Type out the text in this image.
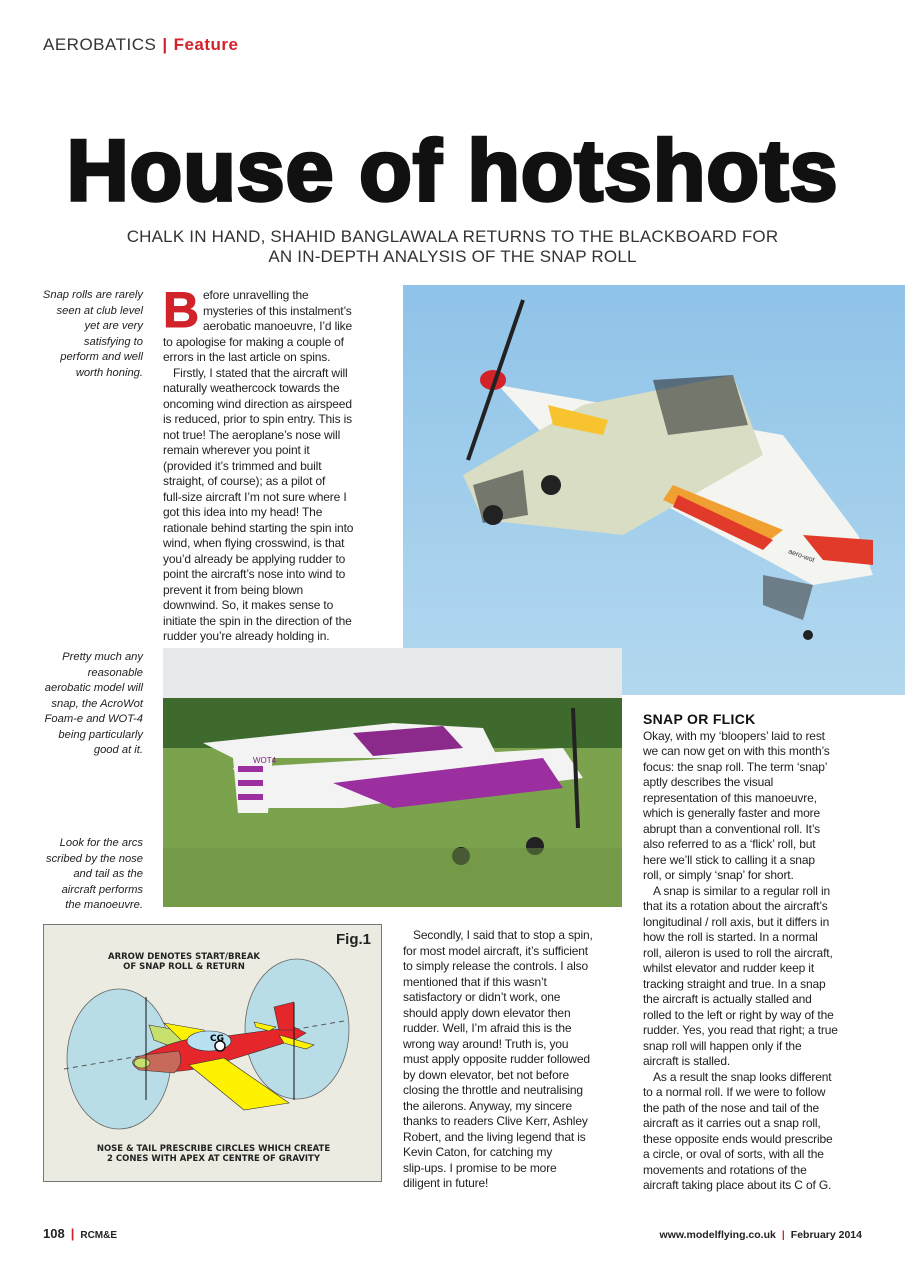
AEROBATICS | Feature
House of hotshots
CHALK IN HAND, SHAHID BANGLAWALA RETURNS TO THE BLACKBOARD FOR
AN IN-DEPTH ANALYSIS OF THE SNAP ROLL
Snap rolls are rarely
seen at club level
yet are very
satisfying to
perform and well
worth honing.
Pretty much any
reasonable
aerobatic model will
snap, the AcroWot
Foam-e and WOT-4
being particularly
good at it.
Look for the arcs
scribed by the nose
and tail as the
aircraft performs
the manoeuvre.
B efore unravelling the
mysteries of this instalment’s
aerobatic manoeuvre, I’d like
to apologise for making a couple of
errors in the last article on spins.
Firstly, I stated that the aircraft will
naturally weathercock towards the
oncoming wind direction as airspeed
is reduced, prior to spin entry. This is
not true! The aeroplane’s nose will
remain wherever you point it
(provided it’s trimmed and built
straight, of course); as a pilot of
full-size aircraft I’m not sure where I
got this idea into my head! The
rationale behind starting the spin into
wind, when flying crosswind, is that
you’d already be applying rudder to
point the aircraft’s nose into wind to
prevent it from being blown
downwind. So, it makes sense to
initiate the spin in the direction of the
rudder you’re already holding in.
aero-wot
WOT4
Fig.1
ARROW DENOTES START/BREAK
OF SNAP ROLL & RETURN
CG
NOSE & TAIL PRESCRIBE CIRCLES WHICH CREATE
2 CONES WITH APEX AT CENTRE OF GRAVITY
Secondly, I said that to stop a spin,
for most model aircraft, it’s sufficient
to simply release the controls. I also
mentioned that if this wasn’t
satisfactory or didn’t work, one
should apply down elevator then
rudder. Well, I’m afraid this is the
wrong way around! Truth is, you
must apply opposite rudder followed
by down elevator, bet not before
closing the throttle and neutralising
the ailerons. Anyway, my sincere
thanks to readers Clive Kerr, Ashley
Robert, and the living legend that is
Kevin Caton, for catching my
slip-ups. I promise to be more
diligent in future!
SNAP OR FLICK
Okay, with my ‘bloopers’ laid to rest
we can now get on with this month’s
focus: the snap roll. The term ‘snap’
aptly describes the visual
representation of this manoeuvre,
which is generally faster and more
abrupt than a conventional roll. It’s
also referred to as a ‘flick’ roll, but
here we’ll stick to calling it a snap
roll, or simply ‘snap’ for short.
A snap is similar to a regular roll in
that its a rotation about the aircraft’s
longitudinal / roll axis, but it differs in
how the roll is started. In a normal
roll, aileron is used to roll the aircraft,
whilst elevator and rudder keep it
tracking straight and true. In a snap
the aircraft is actually stalled and
rolled to the left or right by way of the
rudder. Yes, you read that right; a true
snap roll will happen only if the
aircraft is stalled.
As a result the snap looks different
to a normal roll. If we were to follow
the path of the nose and tail of the
aircraft as it carries out a snap roll,
these opposite ends would prescribe
a circle, or oval of sorts, with all the
movements and rotations of the
aircraft taking place about its C of G.
108 | RCM&E	www.modelflying.co.uk | February 2014
